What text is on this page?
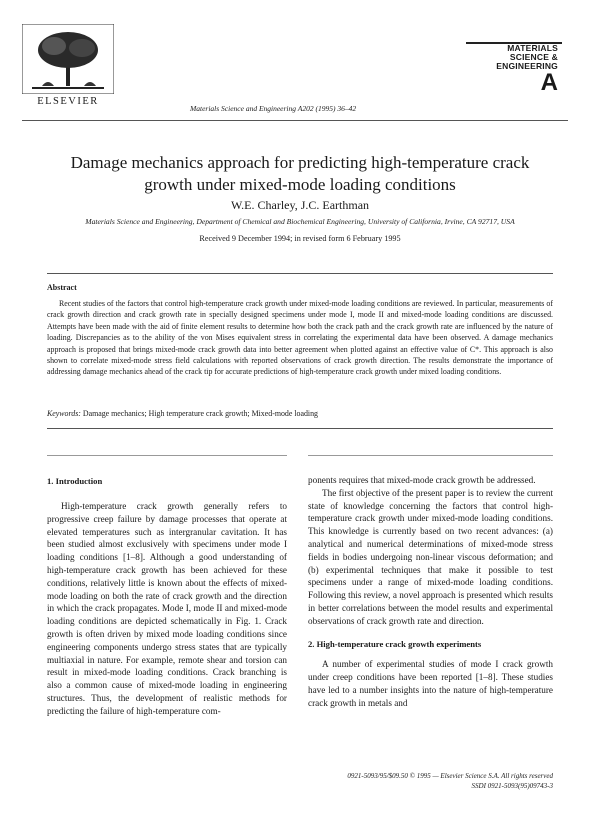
ELSEVIER
Materials Science and Engineering A202 (1995) 36–42
MATERIALS
SCIENCE &
ENGINEERING
A
Damage mechanics approach for predicting high-temperature crack
growth under mixed-mode loading conditions
W.E. Charley, J.C. Earthman
Materials Science and Engineering, Department of Chemical and Biochemical Engineering, University of California, Irvine, CA 92717, USA
Received 9 December 1994; in revised form 6 February 1995
Abstract
Recent studies of the factors that control high-temperature crack growth under mixed-mode loading conditions are reviewed. In particular, measurements of crack growth direction and crack growth rate in specially designed specimens under mode I, mode II and mixed-mode loading conditions are discussed. Attempts have been made with the aid of finite element results to determine how both the crack path and the crack growth rate are influenced by the nature of loading. Discrepancies as to the ability of the von Mises equivalent stress in correlating the experimental data have been observed. A damage mechanics approach is proposed that brings mixed-mode crack growth data into better agreement when plotted against an effective value of C*. This approach is also shown to correlate mixed-mode stress field calculations with reported observations of crack growth direction. The results demonstrate the importance of addressing damage mechanics ahead of the crack tip for accurate predictions of high-temperature crack growth under mixed loading conditions.
Keywords: Damage mechanics; High temperature crack growth; Mixed-mode loading
1. Introduction

High-temperature crack growth generally refers to progressive creep failure by damage processes that operate at elevated temperatures such as intergranular cavitation. It has been studied almost exclusively with specimens under mode I loading conditions [1–8]. Although a good understanding of high-temperature crack growth has been achieved for these conditions, relatively little is known about the effects of mixed-mode loading on both the rate of crack growth and the direction in which the crack propagates. Mode I, mode II and mixed-mode loading conditions are depicted schematically in Fig. 1. Crack growth is often driven by mixed mode loading conditions since engineering components undergo stress states that are typically multiaxial in nature. For example, remote shear and torsion can result in mixed-mode loading conditions. Crack branching is also a common cause of mixed-mode loading in engineering structures. Thus, the development of realistic methods for predicting the failure of high-temperature com-

ponents requires that mixed-mode crack growth be addressed.

The first objective of the present paper is to review the current state of knowledge concerning the factors that control high-temperature crack growth under mixed-mode loading conditions. This knowledge is currently based on two recent advances: (a) analytical and numerical determinations of mixed-mode stress fields in bodies undergoing non-linear viscous deformation; and (b) experimental techniques that make it possible to test specimens under a range of mixed-mode loading conditions. Following this review, a novel approach is presented which results in better correlations between the model results and experimental observations of crack growth rate and direction.

2. High-temperature crack growth experiments

A number of experimental studies of mode I crack growth under creep conditions have been reported [1–8]. These studies have led to a number insights into the nature of high-temperature crack growth in metals and

0921-5093/95/$09.50 © 1995 — Elsevier Science S.A. All rights reserved
SSDI 0921-5093(95)09743-3
